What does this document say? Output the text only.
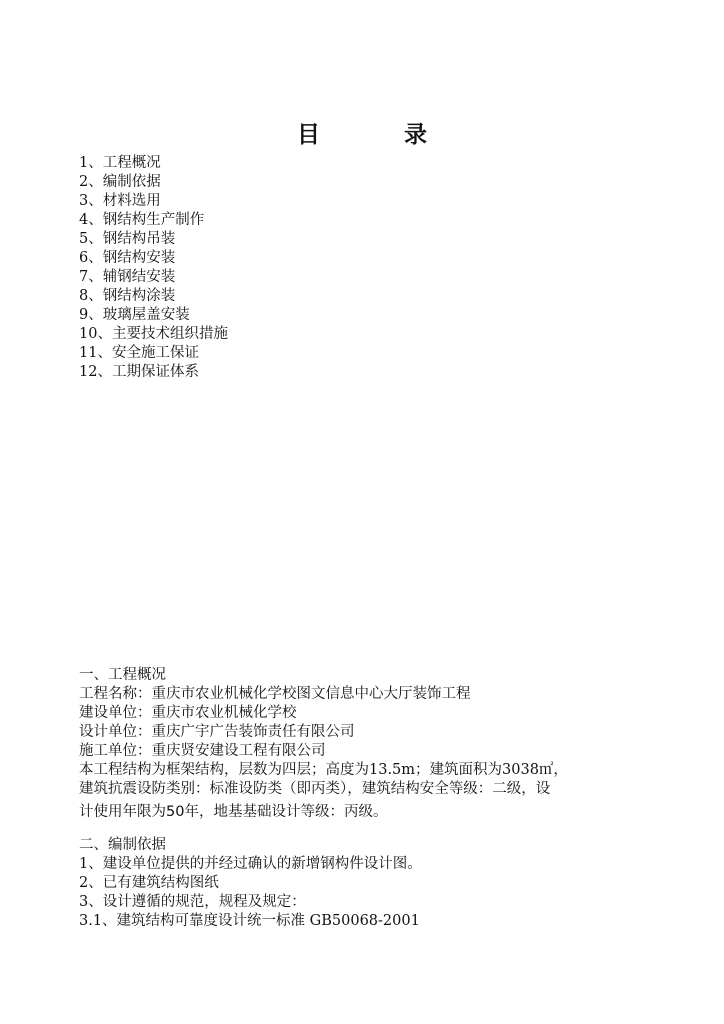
目 录
1、工程概况
2、编制依据
3、材料选用
4、钢结构生产制作
5、钢结构吊装
6、钢结构安装
7、辅钢结安装
8、钢结构涂装
9、玻璃屋盖安装
10、主要技术组织措施
11、安全施工保证
12、工期保证体系
一、工程概况
工程名称：重庆市农业机械化学校图文信息中心大厅装饰工程
建设单位：重庆市农业机械化学校
设计单位：重庆广宇广告装饰责任有限公司
施工单位：重庆贤安建设工程有限公司
本工程结构为框架结构，层数为四层；高度为13.5m；建筑面积为3038㎡，
建筑抗震设防类别：标准设防类（即丙类），建筑结构安全等级：二级，设
计使用年限为50年，地基基础设计等级：丙级。
二、编制依据
1、建设单位提供的并经过确认的新增钢构件设计图。
2、已有建筑结构图纸
3、设计遵循的规范，规程及规定：
3.1、建筑结构可靠度设计统一标准 GB50068-2001
